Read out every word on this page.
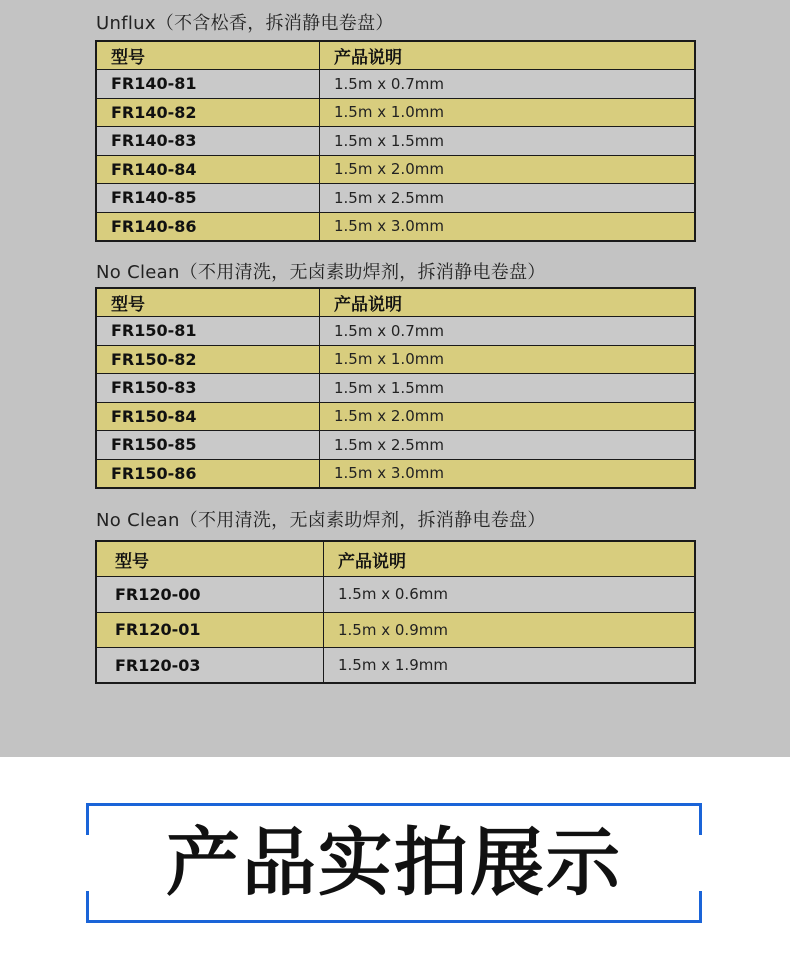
Unflux（不含松香，拆消静电卷盘）
型号	产品说明
FR140-81	1.5m x 0.7mm
FR140-82	1.5m x 1.0mm
FR140-83	1.5m x 1.5mm
FR140-84	1.5m x 2.0mm
FR140-85	1.5m x 2.5mm
FR140-86	1.5m x 3.0mm
No Clean（不用清洗，无卤素助焊剂，拆消静电卷盘）
型号	产品说明
FR150-81	1.5m x 0.7mm
FR150-82	1.5m x 1.0mm
FR150-83	1.5m x 1.5mm
FR150-84	1.5m x 2.0mm
FR150-85	1.5m x 2.5mm
FR150-86	1.5m x 3.0mm
No Clean（不用清洗，无卤素助焊剂，拆消静电卷盘）
型号	产品说明
FR120-00	1.5m x 0.6mm
FR120-01	1.5m x 0.9mm
FR120-03	1.5m x 1.9mm
产品实拍展示
